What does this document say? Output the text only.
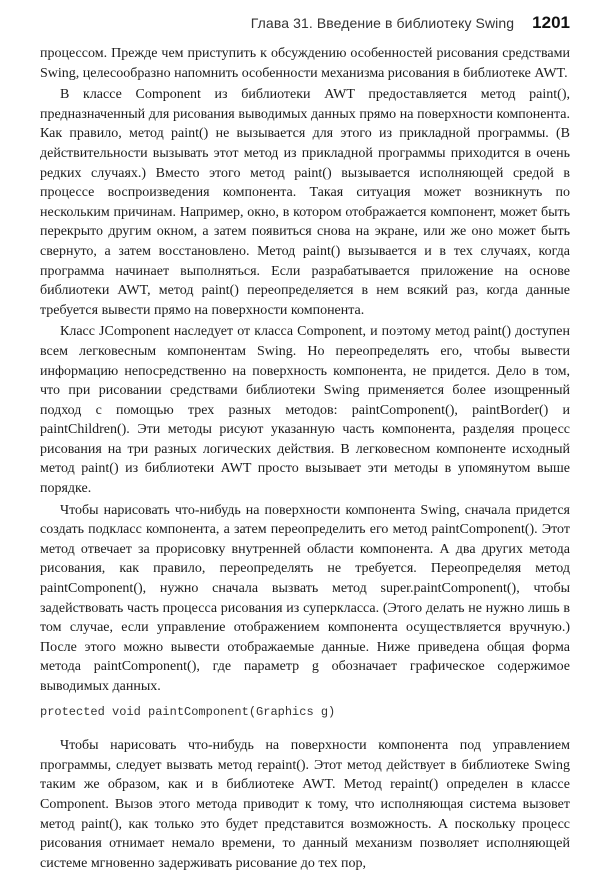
Глава 31. Введение в библиотеку Swing 1201

процессом. Прежде чем приступить к обсуждению особенностей рисования средствами Swing, целесообразно напомнить особенности механизма рисования в библиотеке AWT.

В классе Component из библиотеки AWT предоставляется метод paint(), предназначенный для рисования выводимых данных прямо на поверхности компонента. Как правило, метод paint() не вызывается для этого из прикладной программы. (В действительности вызывать этот метод из прикладной программы приходится в очень редких случаях.) Вместо этого метод paint() вызывается исполняющей средой в процессе воспроизведения компонента. Такая ситуация может возникнуть по нескольким причинам. Например, окно, в котором отображается компонент, может быть перекрыто другим окном, а затем появиться снова на экране, или же оно может быть свернуто, а затем восстановлено. Метод paint() вызывается и в тех случаях, когда программа начинает выполняться. Если разрабатывается приложение на основе библиотеки AWT, метод paint() переопределяется в нем всякий раз, когда данные требуется вывести прямо на поверхности компонента.

Класс JComponent наследует от класса Component, и поэтому метод paint() доступен всем легковесным компонентам Swing. Но переопределять его, чтобы вывести информацию непосредственно на поверхность компонента, не придется. Дело в том, что при рисовании средствами библиотеки Swing применяется более изощренный подход с помощью трех разных методов: paintComponent(), paintBorder() и paintChildren(). Эти методы рисуют указанную часть компонента, разделяя процесс рисования на три разных логических действия. В легковесном компоненте исходный метод paint() из библиотеки AWT просто вызывает эти методы в упомянутом выше порядке.

Чтобы нарисовать что-нибудь на поверхности компонента Swing, сначала придется создать подкласс компонента, а затем переопределить его метод paintComponent(). Этот метод отвечает за прорисовку внутренней области компонента. А два других метода рисования, как правило, переопределять не требуется. Переопределяя метод paintComponent(), нужно сначала вызвать метод super.paintComponent(), чтобы задействовать часть процесса рисования из суперкласса. (Этого делать не нужно лишь в том случае, если управление отображением компонента осуществляется вручную.) После этого можно вывести отображаемые данные. Ниже приведена общая форма метода paintComponent(), где параметр g обозначает графическое содержимое выводимых данных.

protected void paintComponent(Graphics g)

Чтобы нарисовать что-нибудь на поверхности компонента под управлением программы, следует вызвать метод repaint(). Этот метод действует в библиотеке Swing таким же образом, как и в библиотеке AWT. Метод repaint() определен в классе Component. Вызов этого метода приводит к тому, что исполняющая система вызовет метод paint(), как только это будет представится возможность. А поскольку процесс рисования отнимает немало времени, то данный механизм позволяет исполняющей системе мгновенно задерживать рисование до тех пор,
